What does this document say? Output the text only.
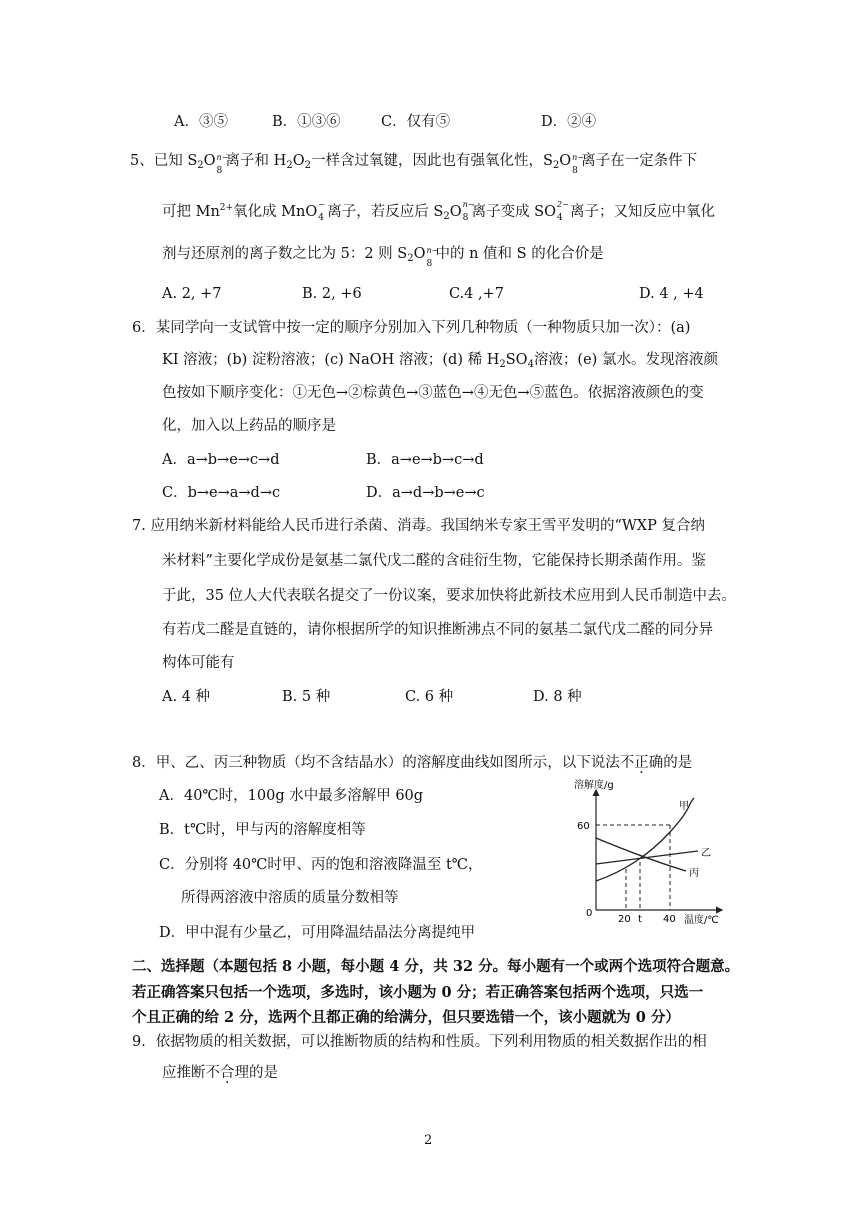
A．③⑤	B．①③⑥	C．仅有⑤	D．②④
5、已知 $S_2O$ n−
8
离子和 $H_2O_2$一样含过氧键，因此也有强氧化性，$S_2O$ n−
8
离子在一定条件下
可把 $Mn^{2+}$氧化成 MnO −
4 离子，若反应后 $S_2O$ n−
8 离子变成 SO 2−
4 离子；又知反应中氧化
剂与还原剂的离子数之比为 5：2 则 $S_2O$ n−
8
中的 n 值和 S 的化合价是
A. 2, +7	B. 2, +6	C.4 ,+7	D. 4 , +4
6．某同学向一支试管中按一定的顺序分别加入下列几种物质（一种物质只加一次）：(a)
KI 溶液；(b) 淀粉溶液；(c) NaOH 溶液；(d) 稀 $H_2SO_4$溶液；(e) 氯水。发现溶液颜
色按如下顺序变化：①无色→②棕黄色→③蓝色→④无色→⑤蓝色。依据溶液颜色的变
化，加入以上药品的顺序是
A．a→b→e→c→d	B．a→e→b→c→d
C．b→e→a→d→c	D．a→d→b→e→c
7. 应用纳米新材料能给人民币进行杀菌、消毒。我国纳米专家王雪平发明的“WXP 复合纳
米材料”主要化学成份是氨基二氯代戊二醛的含硅衍生物，它能保持长期杀菌作用。鉴
于此，35 位人大代表联名提交了一份议案，要求加快将此新技术应用到人民币制造中去。
有若戊二醛是直链的，请你根据所学的知识推断沸点不同的氨基二氯代戊二醛的同分异
构体可能有
A. 4 种	B. 5 种	C. 6 种	D. 8 种
8．甲、乙、丙三种物质（均不含结晶水）的溶解度曲线如图所示，以下说法不正确的是
A．40℃时，100g 水中最多溶解甲 60g
B．t℃时，甲与丙的溶解度相等
C．分别将 40℃时甲、丙的饱和溶液降温至 t℃，
所得两溶液中溶质的质量分数相等
D．甲中混有少量乙，可用降温结晶法分离提纯甲
溶解度/g
温度/℃
60
0
20 t 40
甲
乙
丙
二、选择题（本题包括 8 小题，每小题 4 分，共 32 分。每小题有一个或两个选项符合题意。
若正确答案只包括一个选项，多选时，该小题为 0 分；若正确答案包括两个选项，只选一
个且正确的给 2 分，选两个且都正确的给满分，但只要选错一个，该小题就为 0 分）
9．依据物质的相关数据，可以推断物质的结构和性质。下列利用物质的相关数据作出的相
应推断不合理的是
2
